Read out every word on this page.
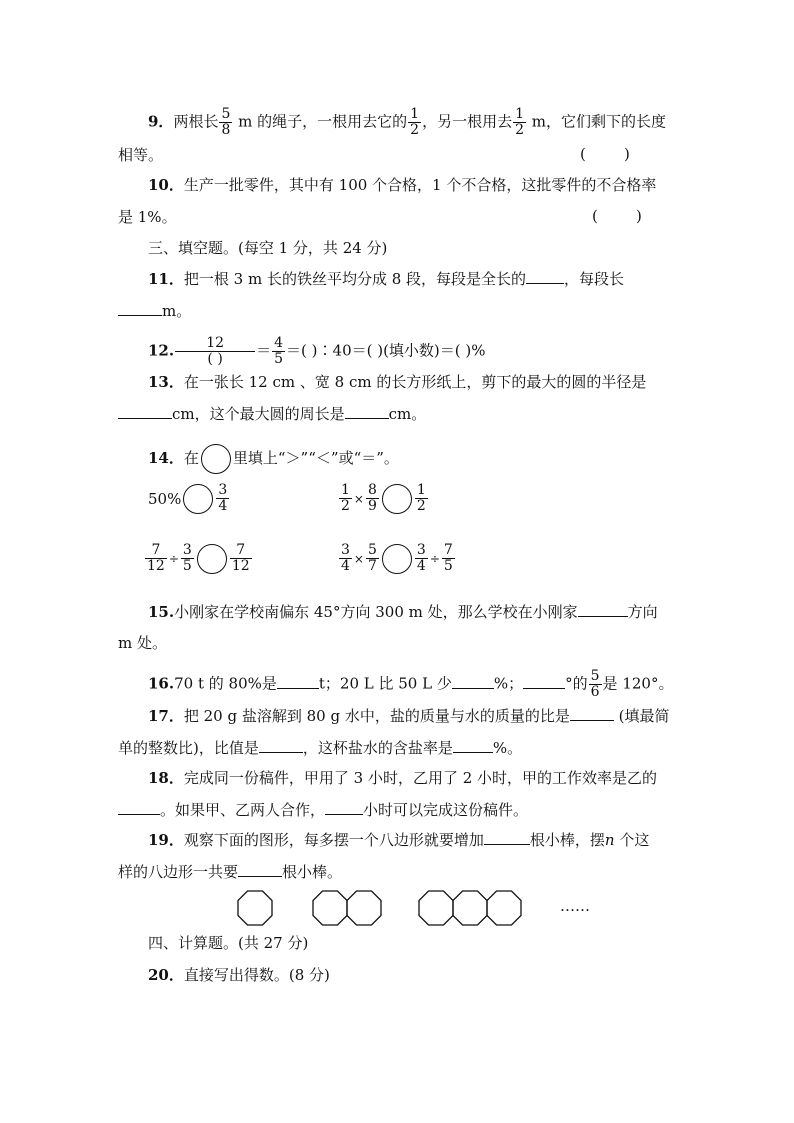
9．两根长 $\frac{5}{8}$ m 的绳子，一根用去它的 $\frac{1}{2}$ ，另一根用去 $\frac{1}{2}$ m，它们剩下的长度
相等。	(        )
10．生产一批零件，其中有 100 个合格，1 个不合格，这批零件的不合格率
是 1%。	(        )
三、填空题。(每空 1 分，共 24 分)
11．把一根 3 m 长的铁丝平均分成 8 段，每段是全长的	，每段长
m。
12. $\frac{12}{( )} = \frac{4}{5}$ ＝( )∶40＝( )(填小数)＝( )%
13．在一张长 12 cm 、宽 8 cm 的长方形纸上，剪下的最大的圆的半径是
cm，这个最大圆的周长是	cm。
14．在 里填上“＞”“＜”或“＝”。
50%	$\frac{3}{4}$	$\frac{1}{2} \times \frac{8}{9}$	$\frac{1}{2}$
$\frac{7}{12} \div \frac{3}{5}$	$\frac{7}{12}$	$\frac{3}{4} \times \frac{5}{7}$	$\frac{3}{4} \div \frac{7}{5}$
15.小刚家在学校南偏东 45°方向 300 m 处，那么学校在小刚家	方向
m 处。
16.70 t 的 80%是	t；20 L 比 50 L 少	%；	°的 $\frac{5}{6}$ 是 120°。
17．把 20 g 盐溶解到 80 g 水中，盐的质量与水的质量的比是	(填最简
单的整数比)，比值是	，这杯盐水的含盐率是	%。
18．完成同一份稿件，甲用了 3 小时，乙用了 2 小时，甲的工作效率是乙的
。如果甲、乙两人合作，	小时可以完成这份稿件。
19．观察下面的图形，每多摆一个八边形就要增加	根小棒，摆n 个这
样的八边形一共要	根小棒。
……
四、计算题。(共 27 分)
20．直接写出得数。(8 分)
